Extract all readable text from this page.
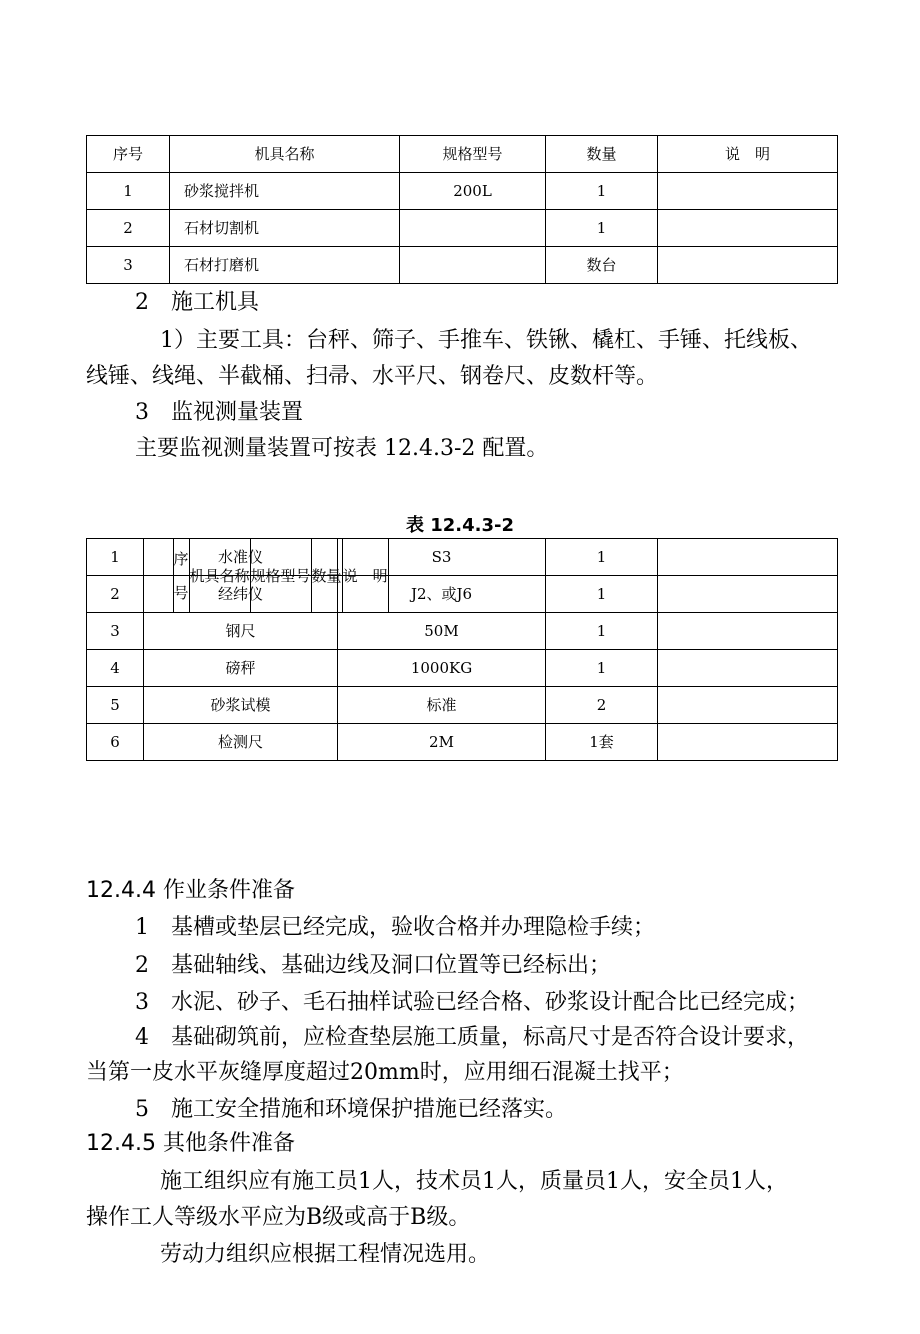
序号	机具名称	规格型号	数量	说　明
1	砂浆搅拌机	200L	1	
2	石材切割机		1	
3	石材打磨机		数台	
2　施工机具
1）主要工具：台秤、筛子、手推车、铁锹、橇杠、手锤、托线板、
线锤、线绳、半截桶、扫帚、水平尺、钢卷尺、皮数杆等。
3　监视测量装置
主要监视测量装置可按表 12.4.3-2 配置。
表 12.4.3-2
序
号	机具名称	规格型号	数量	说　明
1	水准仪	S3	1	
2	经纬仪	J2、或J6	1	
3	钢尺	50M	1	
4	磅秤	1000KG	1	
5	砂浆试模	标准	2	
6	检测尺	2M	1套	
12.4.4 作业条件准备
1　基槽或垫层已经完成，验收合格并办理隐检手续；
2　基础轴线、基础边线及洞口位置等已经标出；
3　水泥、砂子、毛石抽样试验已经合格、砂浆设计配合比已经完成；
4　基础砌筑前，应检查垫层施工质量，标高尺寸是否符合设计要求，
当第一皮水平灰缝厚度超过20mm时，应用细石混凝土找平；
5　施工安全措施和环境保护措施已经落实。
12.4.5 其他条件准备
施工组织应有施工员1人，技术员1人，质量员1人，安全员1人，
操作工人等级水平应为B级或高于B级。
劳动力组织应根据工程情况选用。
